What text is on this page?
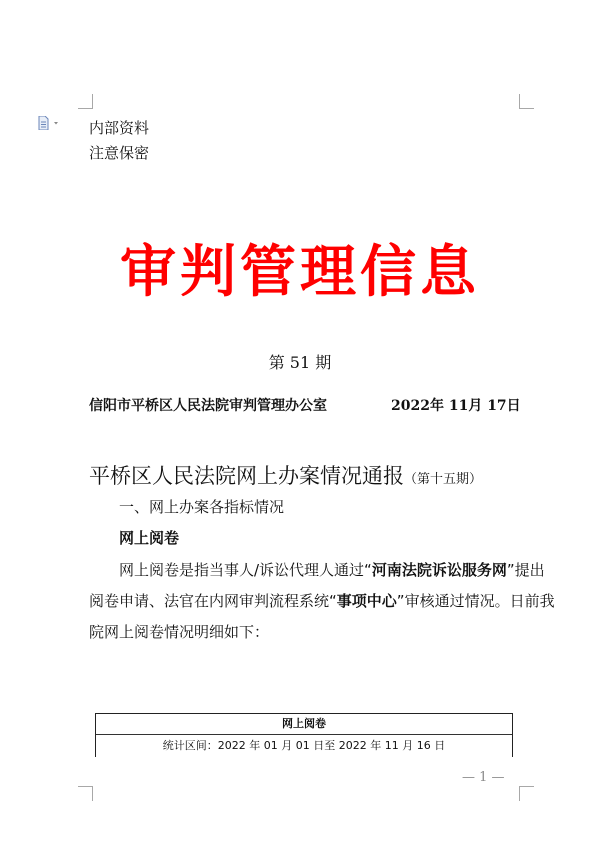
内部资料
注意保密
审判管理信息
第 51 期
信阳市平桥区人民法院审判管理办公室	2022年 11月 17日
平桥区人民法院网上办案情况通报（第十五期）
一、网上办案各指标情况
网上阅卷
网上阅卷是指当事人/诉讼代理人通过“河南法院诉讼服务网”提出阅卷申请、法官在内网审判流程系统“事项中心”审核通过情况。日前我院网上阅卷情况明细如下：
网上阅卷
统计区间：2022 年 01 月 01 日至 2022 年 11 月 16 日
— 1 —
